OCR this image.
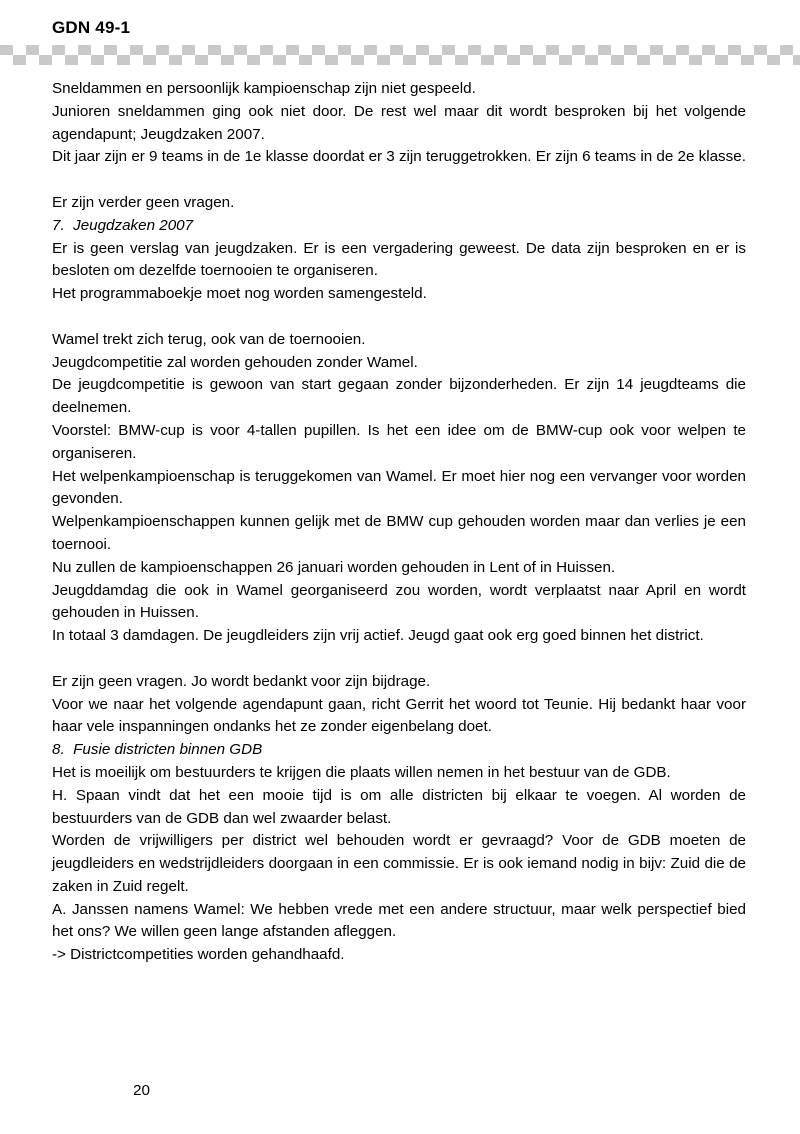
GDN 49-1

Sneldammen en persoonlijk kampioenschap zijn niet gespeeld.

Junioren sneldammen ging ook niet door. De rest wel maar dit wordt besproken bij het volgende agendapunt; Jeugdzaken 2007.

Dit jaar zijn er 9 teams in de 1e klasse doordat er 3 zijn teruggetrokken. Er zijn 6 teams in de 2e klasse.

Er zijn verder geen vragen.

7. Jeugdzaken 2007

Er is geen verslag van jeugdzaken. Er is een vergadering geweest. De data zijn besproken en er is besloten om dezelfde toernooien te organiseren.

Het programmaboekje moet nog worden samengesteld.

Wamel trekt zich terug, ook van de toernooien.
Jeugdcompetitie zal worden gehouden zonder Wamel.

De jeugdcompetitie is gewoon van start gegaan zonder bijzonderheden. Er zijn 14 jeugdteams die deelnemen.

Voorstel: BMW-cup is voor 4-tallen pupillen. Is het een idee om de BMW-cup ook voor welpen te organiseren.

Het welpenkampioenschap is teruggekomen van Wamel. Er moet hier nog een vervanger voor worden gevonden.

Welpenkampioenschappen kunnen gelijk met de BMW cup gehouden worden maar dan verlies je een toernooi.

Nu zullen de kampioenschappen 26 januari worden gehouden in Lent of in Huissen.

Jeugddamdag die ook in Wamel georganiseerd zou worden, wordt verplaatst naar April en wordt gehouden in Huissen.

In totaal 3 damdagen. De jeugdleiders zijn vrij actief. Jeugd gaat ook erg goed binnen het district.

Er zijn geen vragen. Jo wordt bedankt voor zijn bijdrage.

Voor we naar het volgende agendapunt gaan, richt Gerrit het woord tot Teunie. Hij bedankt haar voor haar vele inspanningen ondanks het ze zonder eigenbelang doet.

8. Fusie districten binnen GDB

Het is moeilijk om bestuurders te krijgen die plaats willen nemen in het bestuur van de GDB.

H. Spaan vindt dat het een mooie tijd is om alle districten bij elkaar te voegen. Al worden de bestuurders van de GDB dan wel zwaarder belast.

Worden de vrijwilligers per district wel behouden wordt er gevraagd? Voor de GDB moeten de jeugdleiders en wedstrijdleiders doorgaan in een commissie. Er is ook iemand nodig in bijv: Zuid die de zaken in Zuid regelt.

A. Janssen namens Wamel: We hebben vrede met een andere structuur, maar welk perspectief bied het ons? We willen geen lange afstanden afleggen.

-> Districtcompetities worden gehandhaafd.

20
